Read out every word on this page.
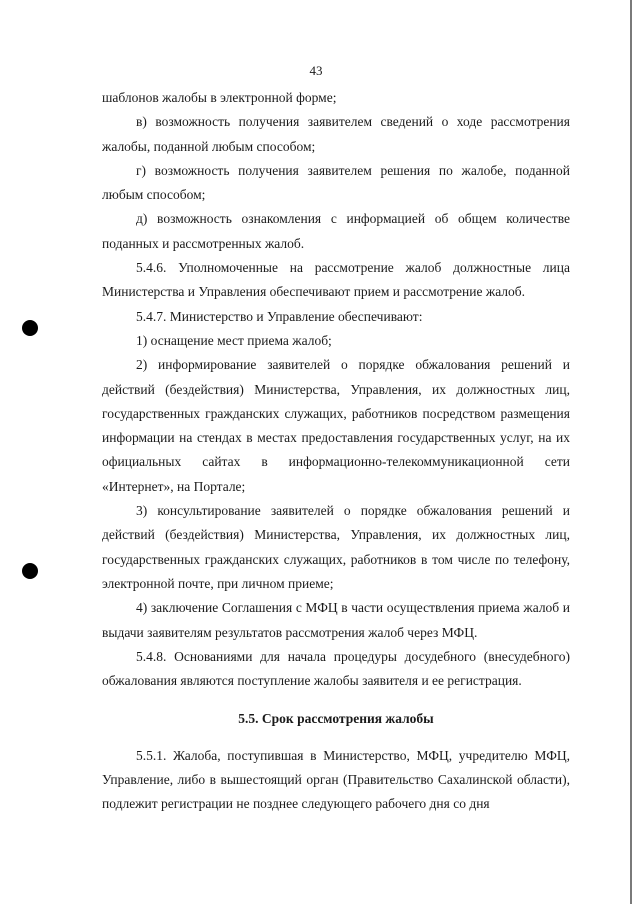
43

шаблонов жалобы в электронной форме;

в) возможность получения заявителем сведений о ходе рассмотрения жалобы, поданной любым способом;

г) возможность получения заявителем решения по жалобе, поданной любым способом;

д) возможность ознакомления с информацией об общем количестве поданных и рассмотренных жалоб.

5.4.6. Уполномоченные на рассмотрение жалоб должностные лица Министерства и Управления обеспечивают прием и рассмотрение жалоб.

5.4.7. Министерство и Управление обеспечивают:

1) оснащение мест приема жалоб;

2) информирование заявителей о порядке обжалования решений и действий (бездействия) Министерства, Управления, их должностных лиц, государственных гражданских служащих, работников посредством размещения информации на стендах в местах предоставления государственных услуг, на их официальных сайтах в информационно-телекоммуникационной сети «Интернет», на Портале;

3) консультирование заявителей о порядке обжалования решений и действий (бездействия) Министерства, Управления, их должностных лиц, государственных гражданских служащих, работников в том числе по телефону, электронной почте, при личном приеме;

4) заключение Соглашения с МФЦ в части осуществления приема жалоб и выдачи заявителям результатов рассмотрения жалоб через МФЦ.

5.4.8. Основаниями для начала процедуры досудебного (внесудебного) обжалования являются поступление жалобы заявителя и ее регистрация.

5.5. Срок рассмотрения жалобы

5.5.1. Жалоба, поступившая в Министерство, МФЦ, учредителю МФЦ, Управление, либо в вышестоящий орган (Правительство Сахалинской области), подлежит регистрации не позднее следующего рабочего дня со дня
